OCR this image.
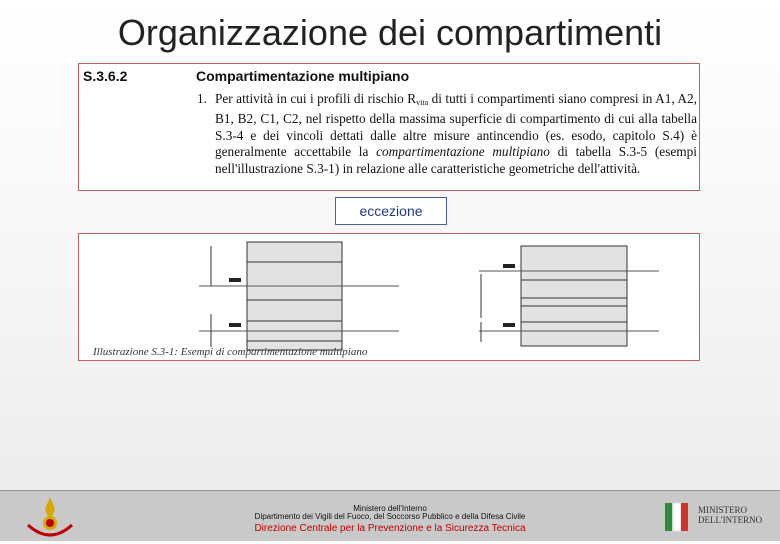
Organizzazione dei compartimenti
S.3.6.2	Compartimentazione multipiano
1. Per attività in cui i profili di rischio $R_{vita}$ di tutti i compartimenti siano compresi in A1, A2, B1, B2, C1, C2, nel rispetto della massima superficie di compartimento di cui alla tabella S.3-4 e dei vincoli dettati dalle altre misure antincendio (es. esodo, capitolo S.4) è generalmente accettabile la compartimentazione multipiano di tabella S.3-5 (esempi nell'illustrazione S.3-1) in relazione alle caratteristiche geometriche dell'attività.
eccezione
Illustrazione S.3-1: Esempi di compartimentazione multipiano
Ministero dell'Interno
Dipartimento dei Vigili del Fuoco, del Soccorso Pubblico e della Difesa Civile
Direzione Centrale per la Prevenzione e la Sicurezza Tecnica
MINISTERO DELL'INTERNO
